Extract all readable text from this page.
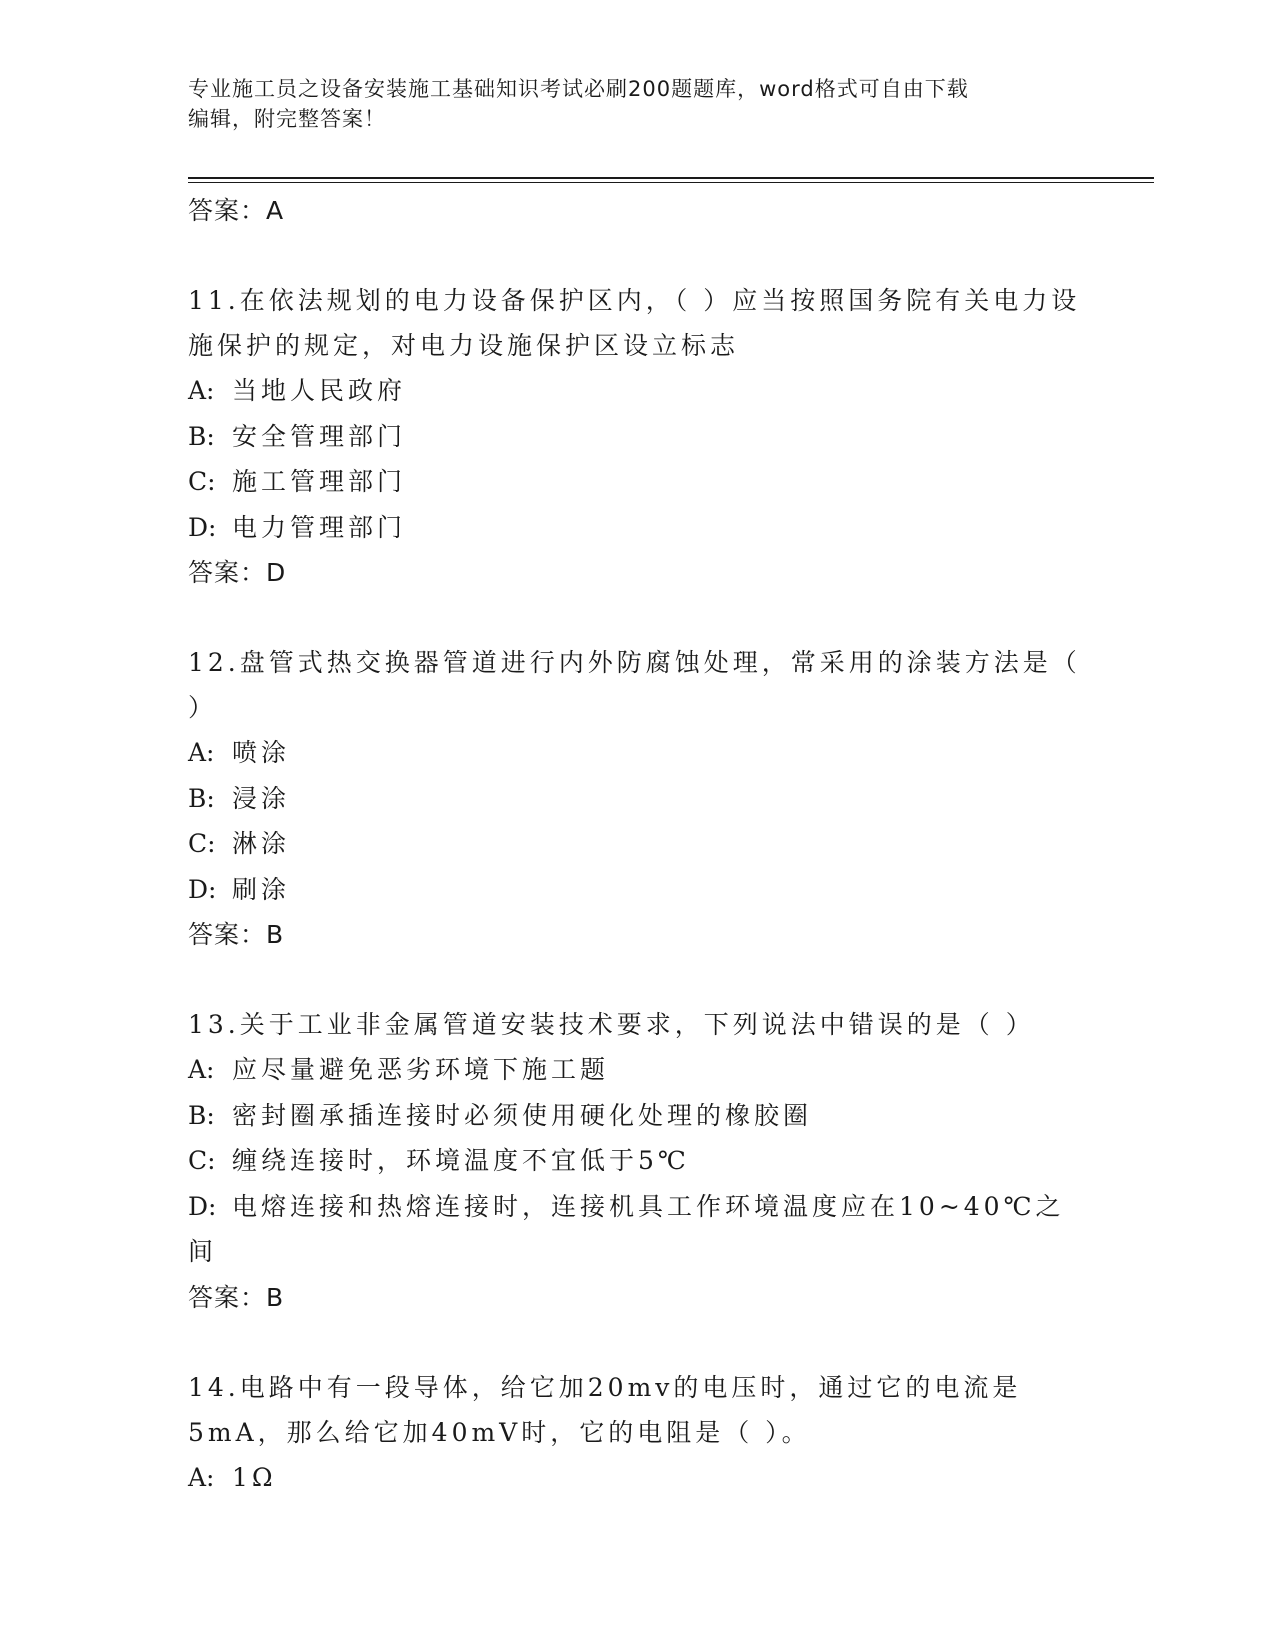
专业施工员之设备安装施工基础知识考试必刷200题题库，word格式可自由下载
编辑，附完整答案！
答案：A
11.在依法规划的电力设备保护区内，（ ）应当按照国务院有关电力设施保护的规定，对电力设施保护区设立标志
A: 当地人民政府
B: 安全管理部门
C: 施工管理部门
D: 电力管理部门
答案：D
12.盘管式热交换器管道进行内外防腐蚀处理，常采用的涂装方法是（ ）
A: 喷涂
B: 浸涂
C: 淋涂
D: 刷涂
答案：B
13.关于工业非金属管道安装技术要求，下列说法中错误的是（ ）
A: 应尽量避免恶劣环境下施工题
B: 密封圈承插连接时必须使用硬化处理的橡胶圈
C: 缠绕连接时，环境温度不宜低于5℃
D: 电熔连接和热熔连接时，连接机具工作环境温度应在10~40℃之间
答案：B
14.电路中有一段导体，给它加20mv的电压时，通过它的电流是5mA，那么给它加40mV时，它的电阻是（ ）。
A: 1Ω
